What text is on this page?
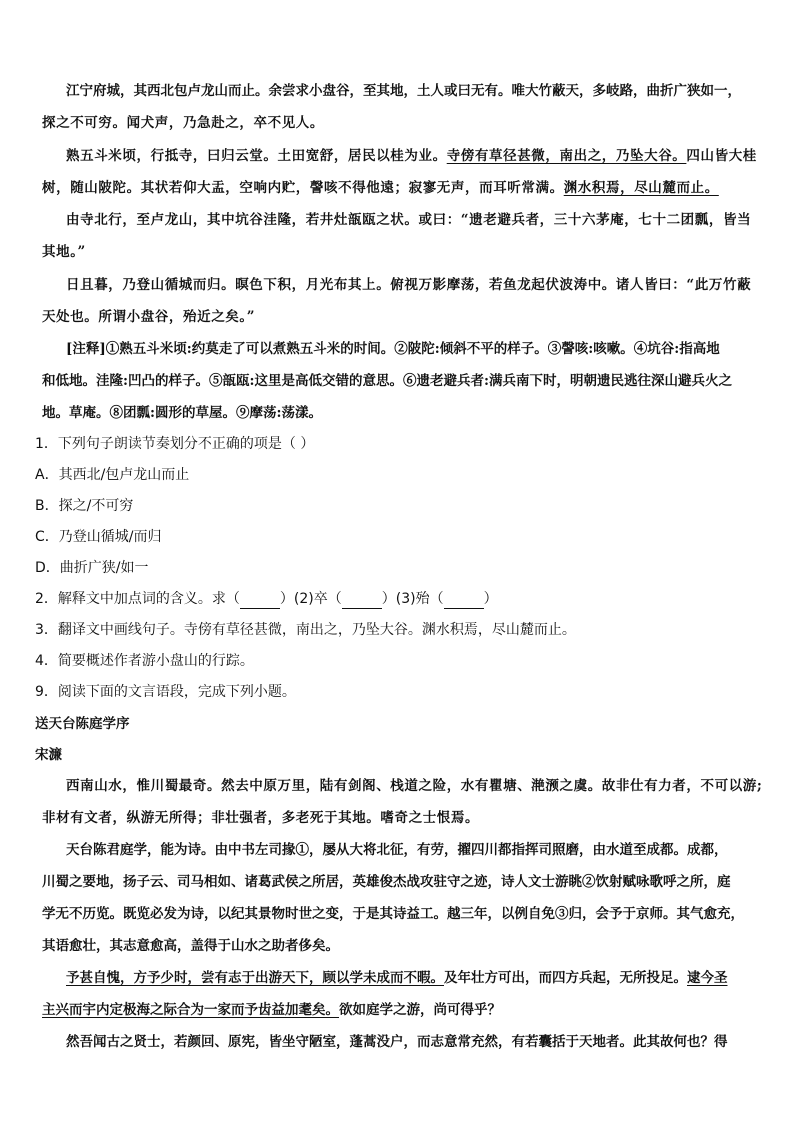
江宁府城，其西北包卢龙山而止。余尝求小盘谷，至其地，土人或曰无有。唯大竹蔽天，多岐路，曲折广狭如一，
探之不可穷。闻犬声，乃急赴之，卒不见人。
熟五斗米顷，行抵寺，曰归云堂。土田宽舒，居民以桂为业。寺傍有草径甚微，南出之，乃坠大谷。四山皆大桂
树，随山陂陀。其状若仰大盂，空响内贮，謦咳不得他遠；寂寥无声，而耳听常满。渊水积焉，尽山麓而止。
由寺北行，至卢龙山，其中坑谷洼隆，若井灶瓿瓯之状。或曰：“遗老避兵者，三十六茅庵，七十二团瓢，皆当
其地。”
日且暮，乃登山循城而归。暝色下积，月光布其上。俯视万影摩荡，若鱼龙起伏波涛中。诸人皆曰：“此万竹蔽
天处也。所谓小盘谷，殆近之矣。”
[注释]①熟五斗米顷:约莫走了可以煮熟五斗米的时间。②陂陀:倾斜不平的样子。③謦咳:咳嗽。④坑谷:指高地
和低地。洼隆:凹凸的样子。⑤瓿瓯:这里是高低交错的意思。⑥遗老避兵者:满兵南下时，明朝遗民逃往深山避兵火之
地。草庵。⑧团瓢:圆形的草屋。⑨摩荡:荡漾。
1．下列句子朗读节奏划分不正确的项是（ ）
A．其西北/包卢龙山而止
B．探之/不可穷
C．乃登山循城/而归
D．曲折广狭/如一
2．解释文中加点词的含义。求（	）(2)卒（	）(3)殆（	）
3．翻译文中画线句子。寺傍有草径甚微，南出之，乃坠大谷。渊水积焉，尽山麓而止。
4．简要概述作者游小盘山的行踪。
9．阅读下面的文言语段，完成下列小题。
送天台陈庭学序
宋濂
西南山水，惟川蜀最奇。然去中原万里，陆有剑阁、栈道之险，水有瞿塘、滟滪之虞。故非仕有力者，不可以游;
非材有文者，纵游无所得；非壮强者，多老死于其地。嗜奇之士恨焉。
天台陈君庭学，能为诗。由中书左司掾①，屡从大将北征，有劳，擢四川都指挥司照磨，由水道至成都。成都，
川蜀之要地，扬子云、司马相如、诸葛武侯之所居，英雄俊杰战攻驻守之迹，诗人文士游眺②饮射赋咏歌呼之所，庭
学无不历览。既览必发为诗，以纪其景物时世之变，于是其诗益工。越三年，以例自免③归，会予于京师。其气愈充，
其语愈壮，其志意愈高，盖得于山水之助者侈矣。
予甚自愧，方予少时，尝有志于出游天下，顾以学未成而不暇。及年壮方可出，而四方兵起，无所投足。逮今圣
主兴而宇内定极海之际合为一家而予齿益加耄矣。欲如庭学之游，尚可得乎？
然吾闻古之贤士，若颜回、原宪，皆坐守陋室，蓬蒿没户，而志意常充然，有若囊括于天地者。此其故何也？得
